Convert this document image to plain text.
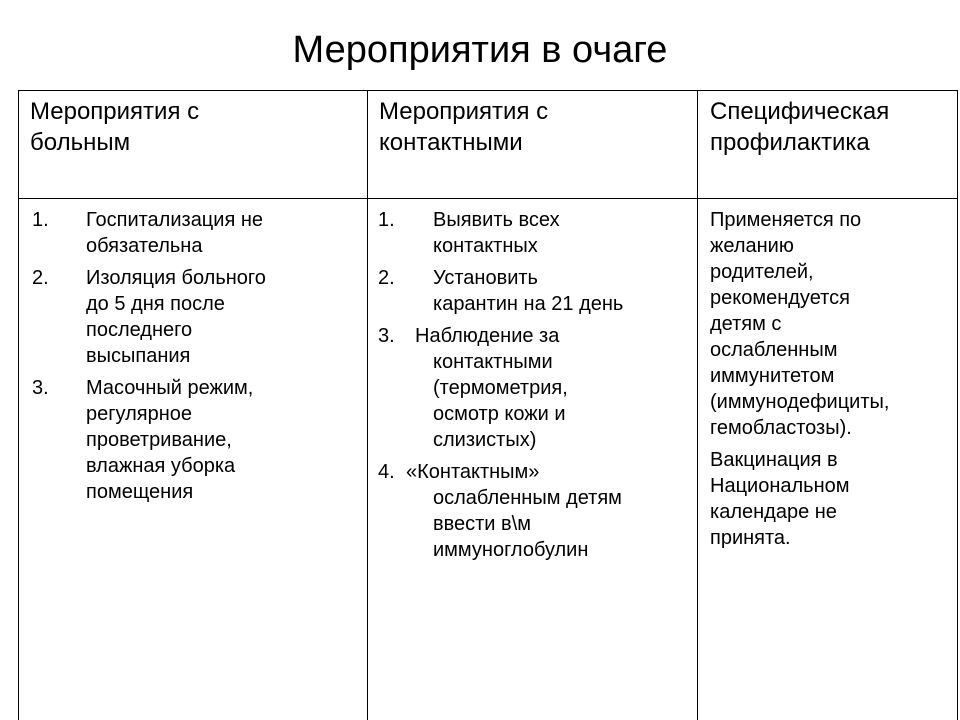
Мероприятия в очаге
Мероприятия с
больным
Мероприятия с
контактными
Специфическая
профилактика
1. Госпитализация не
обязательна
2. Изоляция больного
до 5 дня после
последнего
высыпания
3. Масочный режим,
регулярное
проветривание,
влажная уборка
помещения
1. Выявить всех
контактных
2. Установить
карантин на 21 день
3. Наблюдение за
контактными
(термометрия,
осмотр кожи и
слизистых)
4. «Контактным»
ослабленным детям
ввести в\м
иммуноглобулин
Применяется по
желанию
родителей,
рекомендуется
детям с
ослабленным
иммунитетом
(иммунодефициты,
гемобластозы).
Вакцинация в
Национальном
календаре не
принята.
